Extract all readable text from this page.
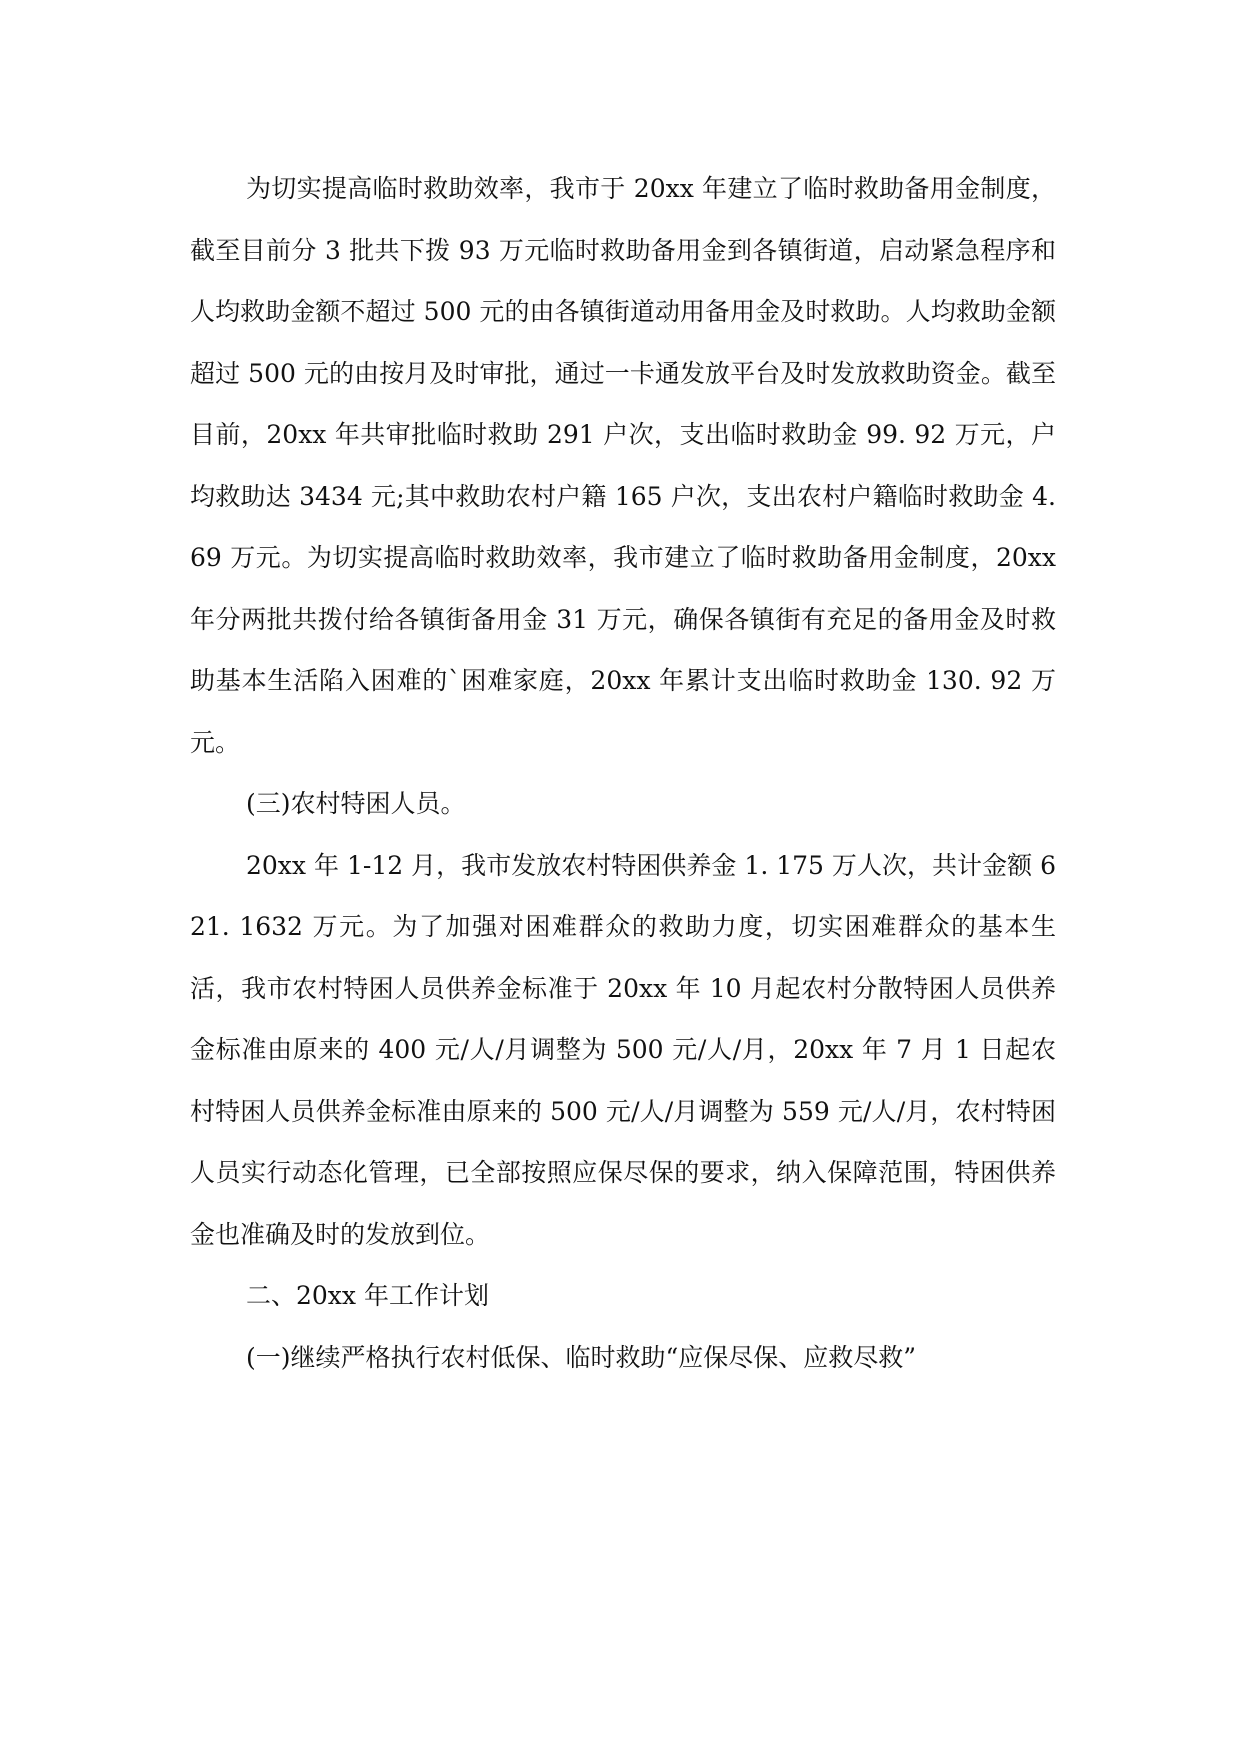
为切实提高临时救助效率，我市于 20xx 年建立了临时救助备用金制度，截至目前分 3 批共下拨 93 万元临时救助备用金到各镇街道，启动紧急程序和人均救助金额不超过 500 元的由各镇街道动用备用金及时救助。人均救助金额超过 500 元的由按月及时审批，通过一卡通发放平台及时发放救助资金。截至目前，20xx 年共审批临时救助 291 户次，支出临时救助金 99. 92 万元，户均救助达 3434 元;其中救助农村户籍 165 户次，支出农村户籍临时救助金 4. 69 万元。为切实提高临时救助效率，我市建立了临时救助备用金制度，20xx 年分两批共拨付给各镇街备用金 31 万元，确保各镇街有充足的备用金及时救助基本生活陷入困难的`困难家庭，20xx 年累计支出临时救助金 130. 92 万元。

(三)农村特困人员。

20xx 年 1-12 月，我市发放农村特困供养金 1. 175 万人次，共计金额 621. 1632 万元。为了加强对困难群众的救助力度，切实困难群众的基本生活，我市农村特困人员供养金标准于 20xx 年 10 月起农村分散特困人员供养金标准由原来的 400 元/人/月调整为 500 元/人/月，20xx 年 7 月 1 日起农村特困人员供养金标准由原来的 500 元/人/月调整为 559 元/人/月，农村特困人员实行动态化管理，已全部按照应保尽保的要求，纳入保障范围，特困供养金也准确及时的发放到位。

二、20xx 年工作计划

(一)继续严格执行农村低保、临时救助“应保尽保、应救尽救”
